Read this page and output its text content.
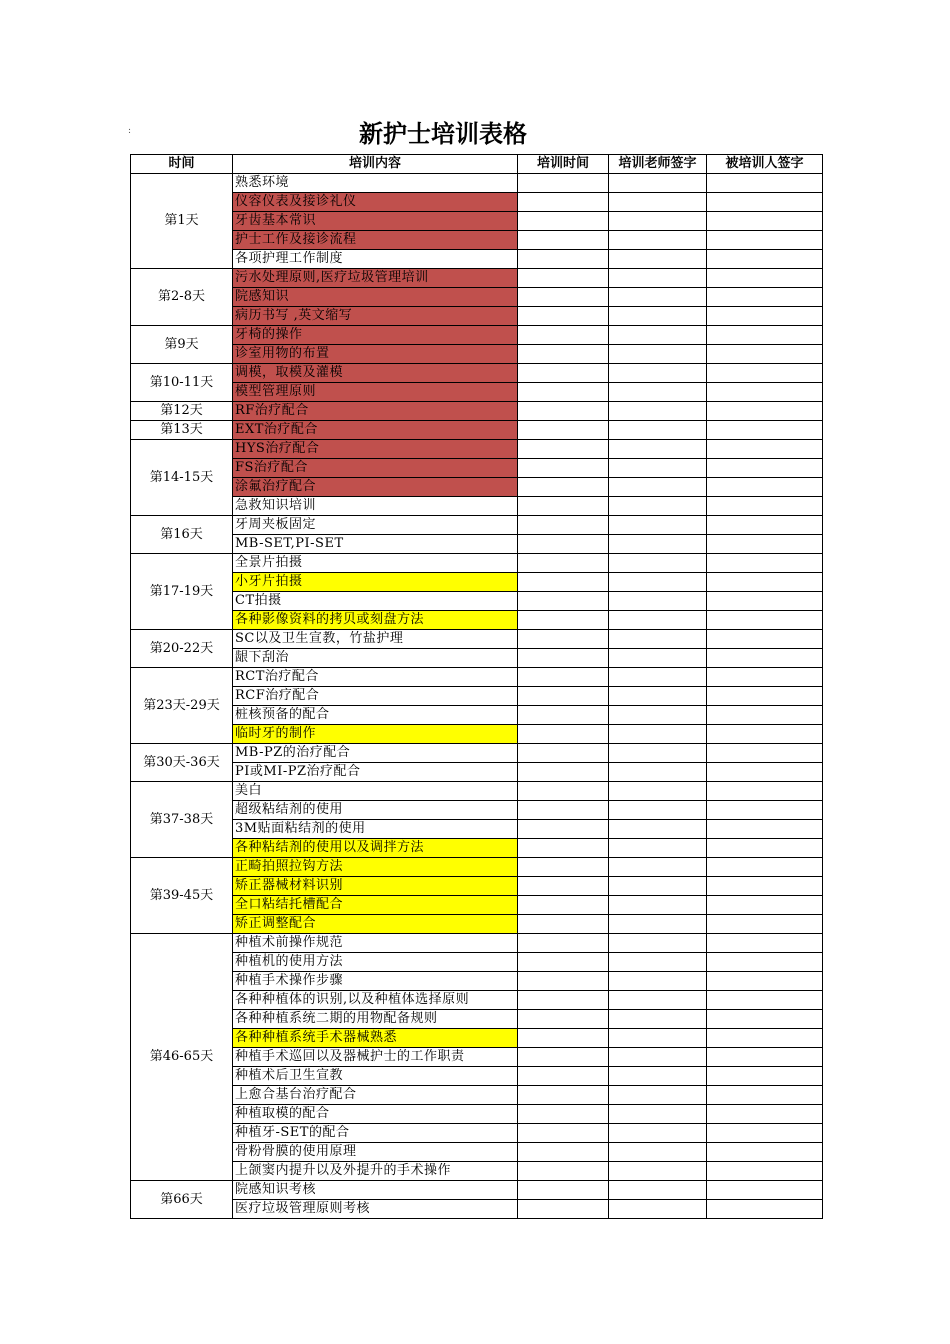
:	新护士培训表格
时间	培训内容	培训时间	培训老师签字	被培训人签字
第1天	熟悉环境			
	仪容仪表及接诊礼仪			
	牙齿基本常识			
	护士工作及接诊流程			
	各项护理工作制度			
第2-8天	污水处理原则,医疗垃圾管理培训			
	院感知识			
	病历书写 ,英文缩写			
第9天	牙椅的操作			
	诊室用物的布置			
第10-11天	调模，取模及灌模			
	模型管理原则			
第12天	RF治疗配合			
第13天	EXT治疗配合			
第14-15天	HYS治疗配合			
	FS治疗配合			
	涂氟治疗配合			
	急救知识培训			
第16天	牙周夹板固定			
	MB-SET,PI-SET			
第17-19天	全景片拍摄			
	小牙片拍摄			
	CT拍摄			
	各种影像资料的拷贝或刻盘方法			
第20-22天	SC以及卫生宣教，竹盐护理			
	龈下刮治			
第23天-29天	RCT治疗配合			
	RCF治疗配合			
	桩核预备的配合			
	临时牙的制作			
第30天-36天	MB-PZ的治疗配合			
	PI或MI-PZ治疗配合			
第37-38天	美白			
	超级粘结剂的使用			
	3M贴面粘结剂的使用			
	各种粘结剂的使用以及调拌方法			
第39-45天	正畸拍照拉钩方法			
	矫正器械材料识别			
	全口粘结托槽配合			
	矫正调整配合			
第46-65天	种植术前操作规范			
	种植机的使用方法			
	种植手术操作步骤			
	各种种植体的识别,以及种植体选择原则			
	各种种植系统二期的用物配备规则			
	各种种植系统手术器械熟悉			
	种植手术巡回以及器械护士的工作职责			
	种植术后卫生宣教			
	上愈合基台治疗配合			
	种植取模的配合			
	种植牙-SET的配合			
	骨粉骨膜的使用原理			
	上颌窦内提升以及外提升的手术操作			
第66天	院感知识考核			
	医疗垃圾管理原则考核			
